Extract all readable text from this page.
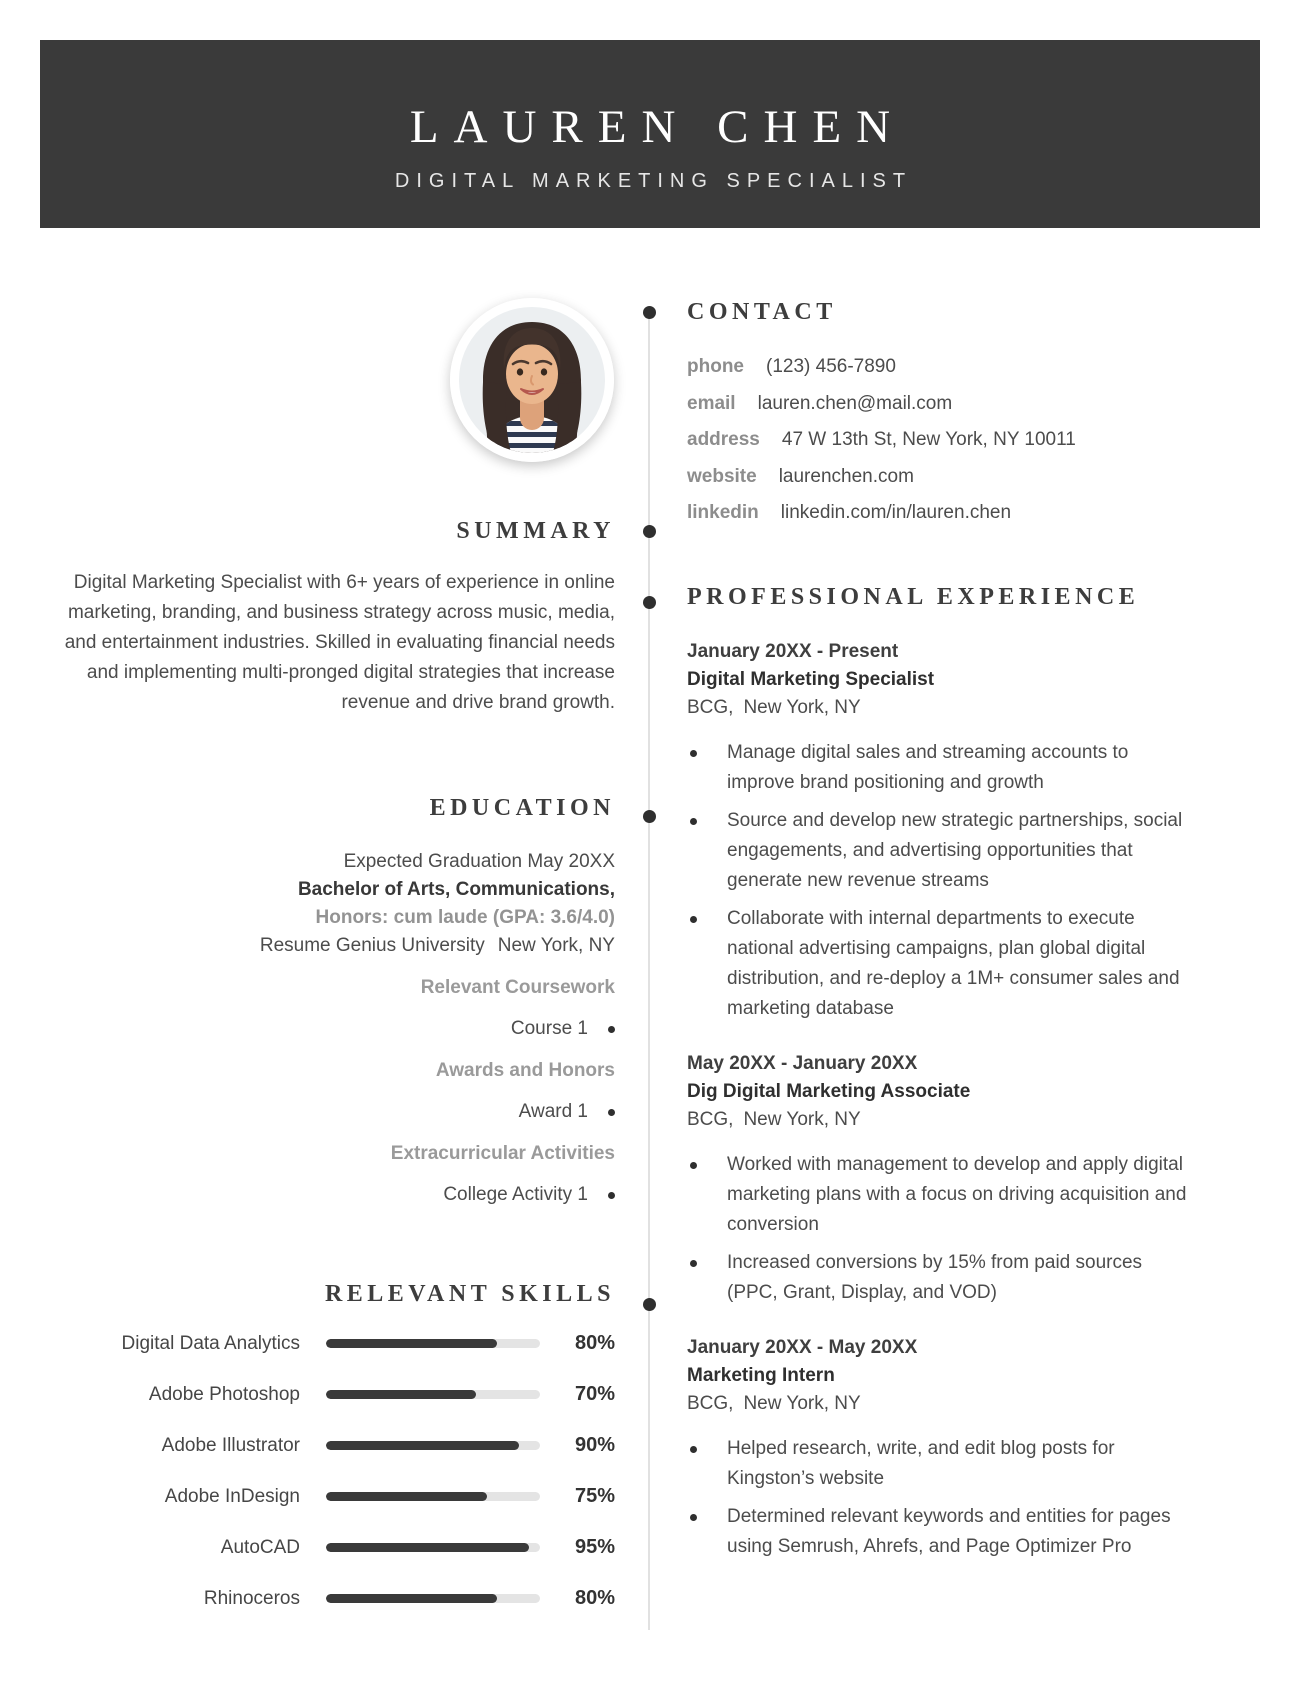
LAUREN CHEN
DIGITAL MARKETING SPECIALIST
SUMMARY

Digital Marketing Specialist with 6+ years of experience in online marketing, branding, and business strategy across music, media, and entertainment industries. Skilled in evaluating financial needs and implementing multi-pronged digital strategies that increase revenue and drive brand growth.

EDUCATION
Expected Graduation May 20XX
Bachelor of Arts, Communications,
Honors: cum laude (GPA: 3.6/4.0)
Resume Genius University New York, NY
Relevant Coursework
Course 1
Awards and Honors
Award 1
Extracurricular Activities
College Activity 1
RELEVANT SKILLS
Digital Data Analytics	80%
Adobe Photoshop	70%
Adobe Illustrator	90%
Adobe InDesign	75%
AutoCAD	95%
Rhinoceros	80%
CONTACT
phone (123) 456-7890
email lauren.chen@mail.com
address 47 W 13th St, New York, NY 10011
website laurenchen.com
linkedin linkedin.com/in/lauren.chen
PROFESSIONAL EXPERIENCE
January 20XX - Present
Digital Marketing Specialist
BCG, New York, NY
Manage digital sales and streaming accounts to improve brand positioning and growth
Source and develop new strategic partnerships, social engagements, and advertising opportunities that generate new revenue streams
Collaborate with internal departments to execute national advertising campaigns, plan global digital distribution, and re-deploy a 1M+ consumer sales and marketing database
May 20XX - January 20XX
Dig Digital Marketing Associate
BCG, New York, NY
Worked with management to develop and apply digital marketing plans with a focus on driving acquisition and conversion
Increased conversions by 15% from paid sources (PPC, Grant, Display, and VOD)
January 20XX - May 20XX
Marketing Intern
BCG, New York, NY
Helped research, write, and edit blog posts for Kingston’s website
Determined relevant keywords and entities for pages using Semrush, Ahrefs, and Page Optimizer Pro
